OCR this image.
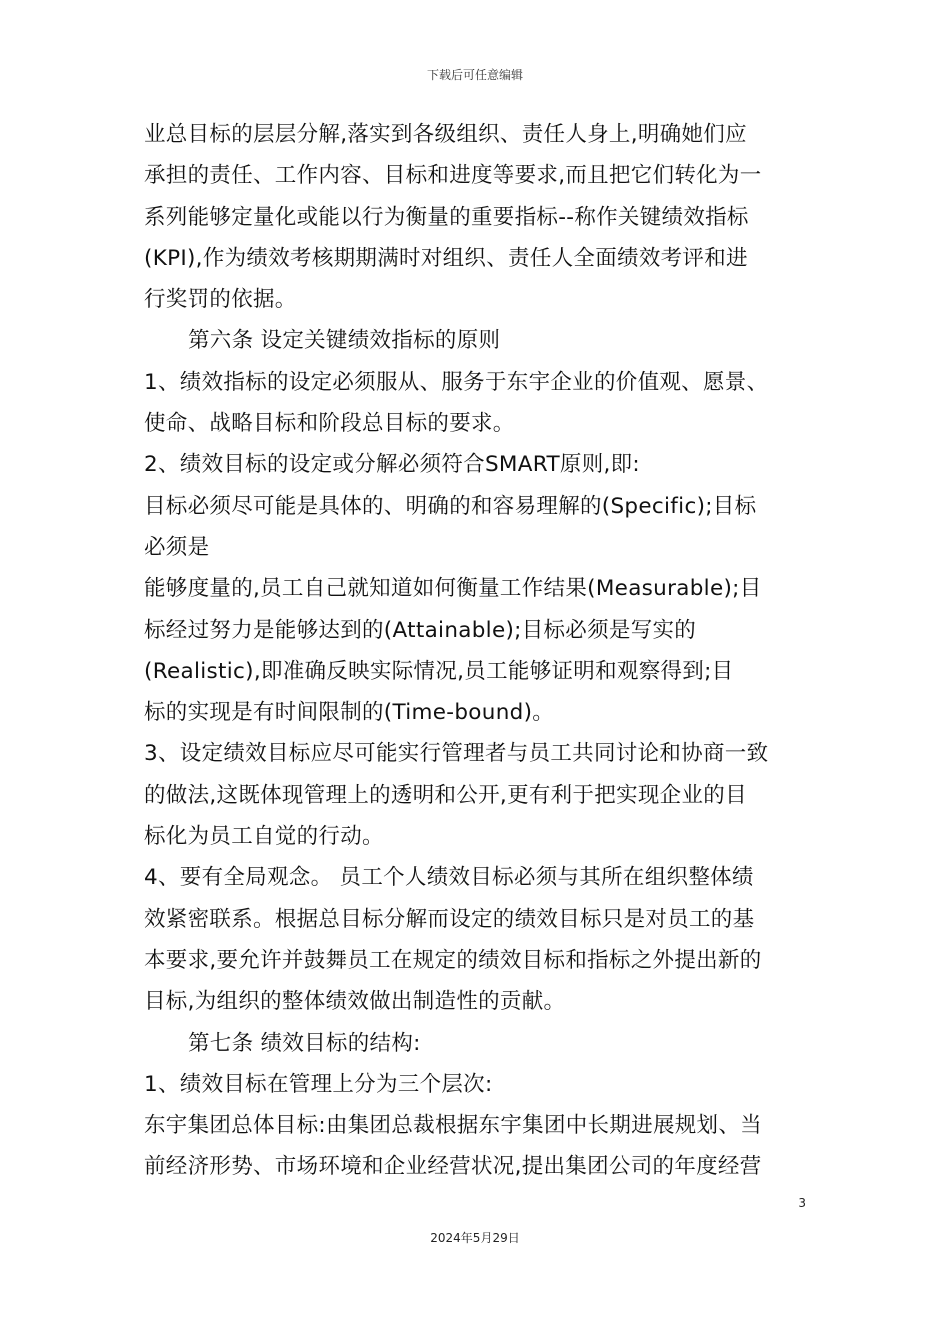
下载后可任意编辑
业总目标的层层分解,落实到各级组织、责任人身上,明确她们应
承担的责任、工作内容、目标和进度等要求,而且把它们转化为一
系列能够定量化或能以行为衡量的重要指标--称作关键绩效指标
(KPI),作为绩效考核期期满时对组织、责任人全面绩效考评和进
行奖罚的依据。
第六条 设定关键绩效指标的原则
1、绩效指标的设定必须服从、服务于东宇企业的价值观、愿景、
使命、战略目标和阶段总目标的要求。
2、绩效目标的设定或分解必须符合SMART原则,即:
目标必须尽可能是具体的、明确的和容易理解的(Specific);目标
必须是
能够度量的,员工自己就知道如何衡量工作结果(Measurable);目
标经过努力是能够达到的(Attainable);目标必须是写实的
(Realistic),即准确反映实际情况,员工能够证明和观察得到;目
标的实现是有时间限制的(Time-bound)。
3、设定绩效目标应尽可能实行管理者与员工共同讨论和协商一致
的做法,这既体现管理上的透明和公开,更有利于把实现企业的目
标化为员工自觉的行动。
4、要有全局观念。 员工个人绩效目标必须与其所在组织整体绩
效紧密联系。根据总目标分解而设定的绩效目标只是对员工的基
本要求,要允许并鼓舞员工在规定的绩效目标和指标之外提出新的
目标,为组织的整体绩效做出制造性的贡献。
第七条 绩效目标的结构:
1、绩效目标在管理上分为三个层次:
东宇集团总体目标:由集团总裁根据东宇集团中长期进展规划、当
前经济形势、市场环境和企业经营状况,提出集团公司的年度经营
3
2024年5月29日
